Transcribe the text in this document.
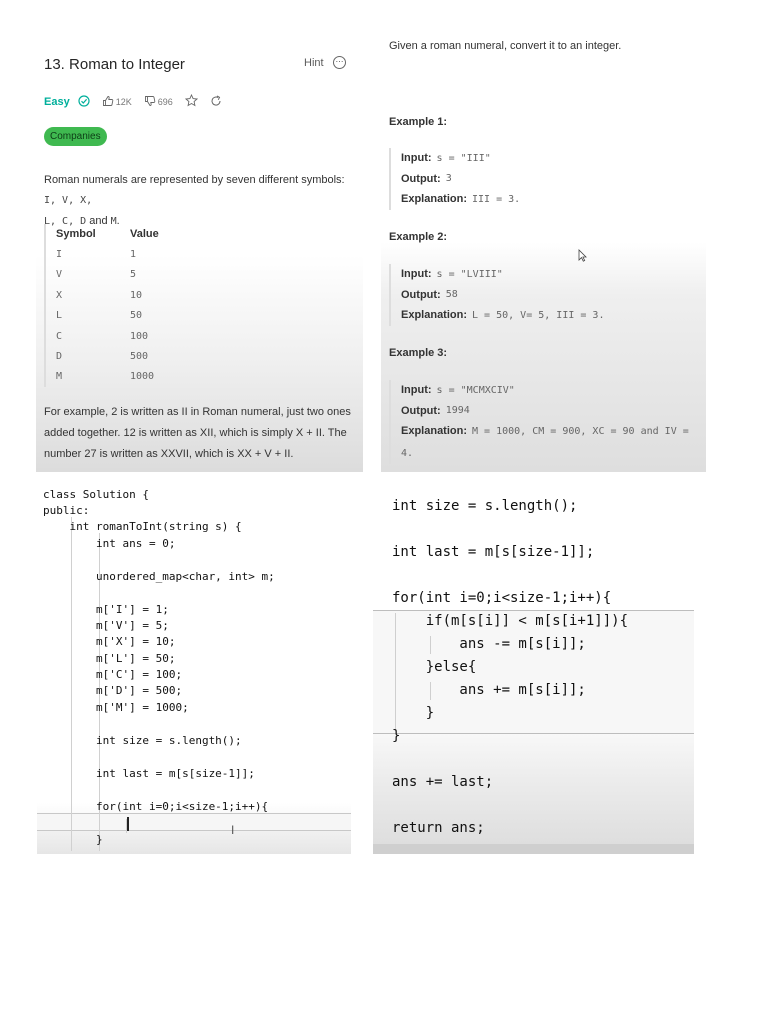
13. Roman to Integer	Hint	⋯
Easy	12K	696
Companies
Roman numerals are represented by seven different symbols: I, V, X,
L, C, D and M.
Symbol	Value
I	1
V	5
X	10
L	50
C	100
D	500
M	1000
For example, 2 is written as II in Roman numeral, just two ones added together. 12 is written as XII, which is simply X + II. The number 27 is written as XXVII, which is XX + V + II.
Given a roman numeral, convert it to an integer.
Example 1:
Input: s = "III"
Output: 3
Explanation: III = 3.
Example 2:
Input: s = "LVIII"
Output: 58
Explanation: L = 50, V= 5, III = 3.
Example 3:
Input: s = "MCMXCIV"
Output: 1994
Explanation: M = 1000, CM = 900, XC = 90 and IV = 4.
class Solution {
public:
int romanToInt(string s) {
int ans = 0;
unordered_map<char, int> m;
m['I'] = 1;
m['V'] = 5;
m['X'] = 10;
m['L'] = 50;
m['C'] = 100;
m['D'] = 500;
m['M'] = 1000;
int size = s.length();
int last = m[s[size-1]];
for(int i=0;i<size-1;i++){
}
I
int size = s.length();
int last = m[s[size-1]];
for(int i=0;i<size-1;i++){
if(m[s[i]] < m[s[i+1]]){
ans -= m[s[i]];
}else{
ans += m[s[i]];
}
}
ans += last;
return ans;
